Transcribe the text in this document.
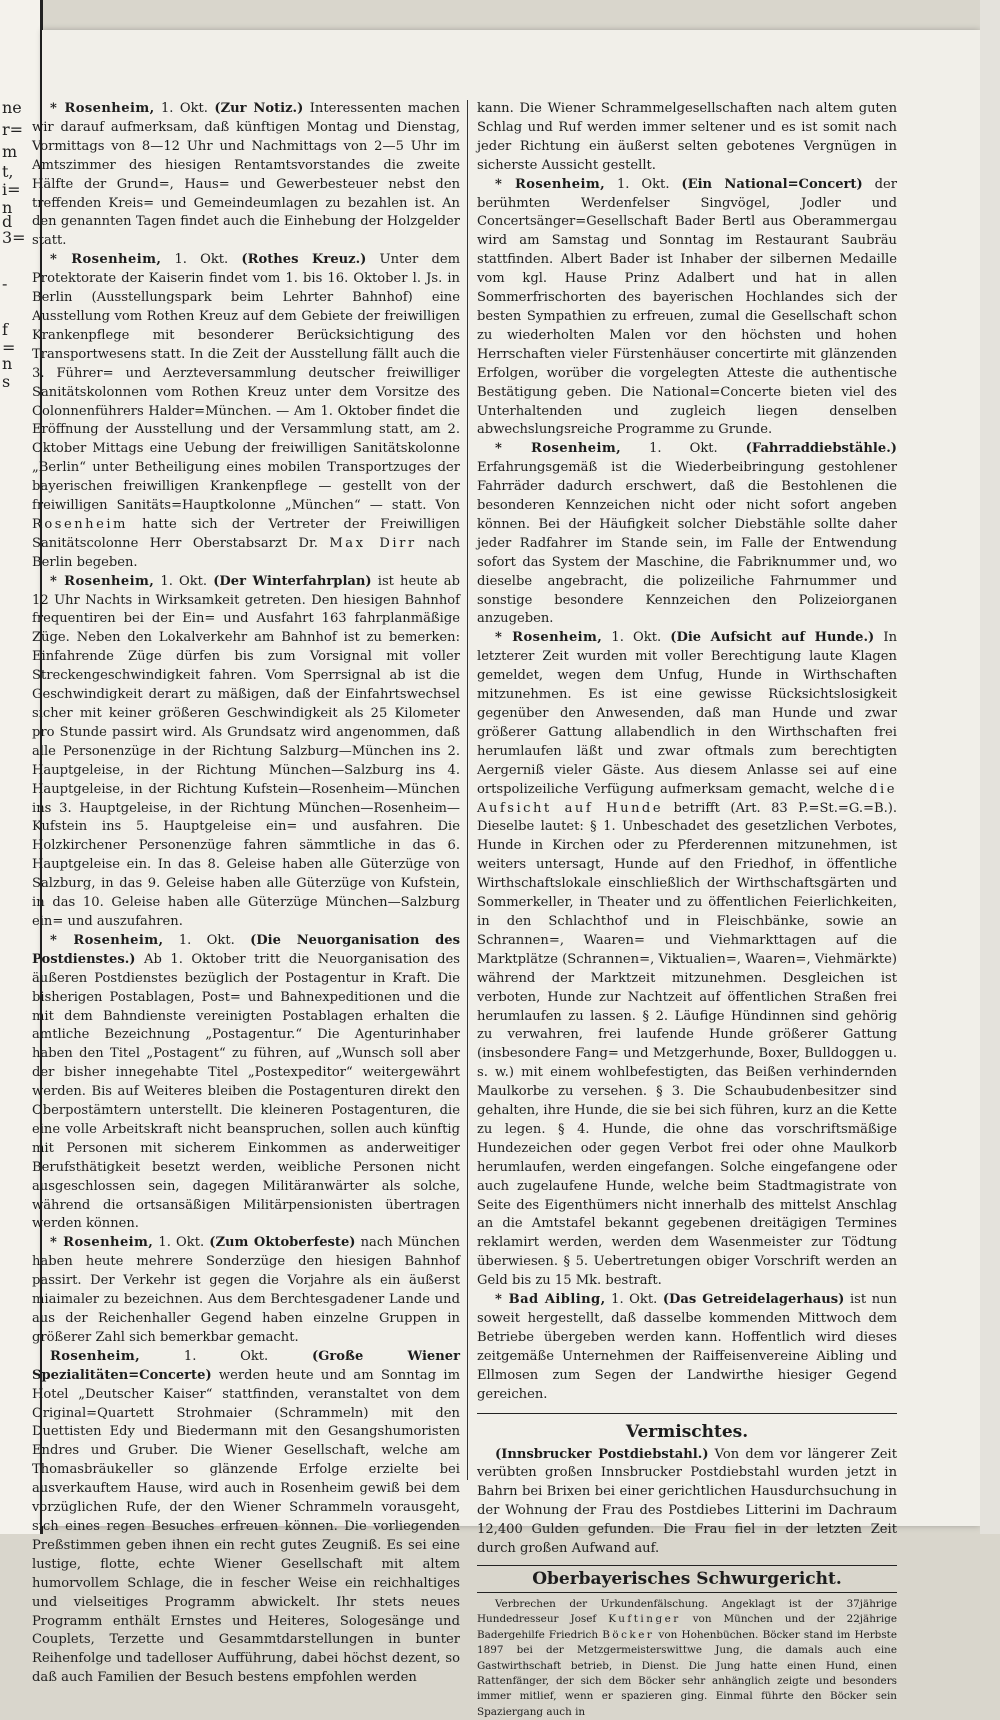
ne
r=
m
t,
i=
n
d
3=
-
f
=
n
s

* Rosenheim, 1. Okt. (Zur Notiz.) Interessenten machen wir darauf aufmerksam, daß künftigen Montag und Dienstag, Vormittags von 8—12 Uhr und Nachmittags von 2—5 Uhr im Amtszimmer des hiesigen Rentamtsvorstandes die zweite Hälfte der Grund=, Haus= und Gewerbesteuer nebst den treffenden Kreis= und Gemeindeumlagen zu bezahlen ist. An den genannten Tagen findet auch die Einhebung der Holzgelder statt.

* Rosenheim, 1. Okt. (Rothes Kreuz.) Unter dem Protektorate der Kaiserin findet vom 1. bis 16. Oktober l. Js. in Berlin (Ausstellungspark beim Lehrter Bahnhof) eine Ausstellung vom Rothen Kreuz auf dem Gebiete der freiwilligen Krankenpflege mit besonderer Berücksichtigung des Transportwesens statt. In die Zeit der Ausstellung fällt auch die 3. Führer= und Aerzteversammlung deutscher freiwilliger Sanitätskolonnen vom Rothen Kreuz unter dem Vorsitze des Colonnenführers Halder=München. — Am 1. Oktober findet die Eröffnung der Ausstellung und der Versammlung statt, am 2. Oktober Mittags eine Uebung der freiwilligen Sanitätskolonne „Berlin“ unter Betheiligung eines mobilen Transportzuges der bayerischen freiwilligen Krankenpflege — gestellt von der freiwilligen Sanitäts=Hauptkolonne „München“ — statt. Von Rosenheim hatte sich der Vertreter der Freiwilligen Sanitätscolonne Herr Oberstabsarzt Dr. Max Dirr nach Berlin begeben.

* Rosenheim, 1. Okt. (Der Winterfahrplan) ist heute ab 12 Uhr Nachts in Wirksamkeit getreten. Den hiesigen Bahnhof frequentiren bei der Ein= und Ausfahrt 163 fahrplanmäßige Züge. Neben den Lokalverkehr am Bahnhof ist zu bemerken: Einfahrende Züge dürfen bis zum Vorsignal mit voller Streckengeschwindigkeit fahren. Vom Sperrsignal ab ist die Geschwindigkeit derart zu mäßigen, daß der Einfahrtswechsel sicher mit keiner größeren Geschwindigkeit als 25 Kilometer pro Stunde passirt wird. Als Grundsatz wird angenommen, daß alle Personenzüge in der Richtung Salzburg—München ins 2. Hauptgeleise, in der Richtung München—Salzburg ins 4. Hauptgeleise, in der Richtung Kufstein—Rosenheim—München ins 3. Hauptgeleise, in der Richtung München—Rosenheim—Kufstein ins 5. Hauptgeleise ein= und ausfahren. Die Holzkirchener Personenzüge fahren sämmtliche in das 6. Hauptgeleise ein. In das 8. Geleise haben alle Güterzüge von Salzburg, in das 9. Geleise haben alle Güterzüge von Kufstein, in das 10. Geleise haben alle Güterzüge München—Salzburg ein= und auszufahren.

* Rosenheim, 1. Okt. (Die Neuorganisation des Postdienstes.) Ab 1. Oktober tritt die Neuorganisation des äußeren Postdienstes bezüglich der Postagentur in Kraft. Die bisherigen Postablagen, Post= und Bahnexpeditionen und die mit dem Bahndienste vereinigten Postablagen erhalten die amtliche Bezeichnung „Postagentur.“ Die Agenturinhaber haben den Titel „Postagent“ zu führen, auf „Wunsch soll aber der bisher innegehabte Titel „Postexpeditor“ weitergewährt werden. Bis auf Weiteres bleiben die Postagenturen direkt den Oberpostämtern unterstellt. Die kleineren Postagenturen, die eine volle Arbeitskraft nicht beanspruchen, sollen auch künftig mit Personen mit sicherem Einkommen as anderweitiger Berufsthätigkeit besetzt werden, weibliche Personen nicht ausgeschlossen sein, dagegen Militäranwärter als solche, während die ortsansäßigen Militärpensionisten übertragen werden können.

* Rosenheim, 1. Okt. (Zum Oktoberfeste) nach München haben heute mehrere Sonderzüge den hiesigen Bahnhof passirt. Der Verkehr ist gegen die Vorjahre als ein äußerst miaimaler zu bezeichnen. Aus dem Berchtesgadener Lande und aus der Reichenhaller Gegend haben einzelne Gruppen in größerer Zahl sich bemerkbar gemacht.

Rosenheim, 1. Okt. (Große Wiener Spezialitäten=Concerte) werden heute und am Sonntag im Hotel „Deutscher Kaiser“ stattfinden, veranstaltet von dem Original=Quartett Strohmaier (Schrammeln) mit den Duettisten Edy und Biedermann mit den Gesangshumoristen Endres und Gruber. Die Wiener Gesellschaft, welche am Thomasbräukeller so glänzende Erfolge erzielte bei ausverkauftem Hause, wird auch in Rosenheim gewiß bei dem vorzüglichen Rufe, der den Wiener Schrammeln vorausgeht, sich eines regen Besuches erfreuen können. Die vorliegenden Preßstimmen geben ihnen ein recht gutes Zeugniß. Es sei eine lustige, flotte, echte Wiener Gesellschaft mit altem humorvollem Schlage, die in fescher Weise ein reichhaltiges und vielseitiges Programm abwickelt. Ihr stets neues Programm enthält Ernstes und Heiteres, Sologesänge und Couplets, Terzette und Gesammtdarstellungen in bunter Reihenfolge und tadelloser Aufführung, dabei höchst dezent, so daß auch Familien der Besuch bestens empfohlen werden

kann. Die Wiener Schrammelgesellschaften nach altem guten Schlag und Ruf werden immer seltener und es ist somit nach jeder Richtung ein äußerst selten gebotenes Vergnügen in sicherste Aussicht gestellt.

* Rosenheim, 1. Okt. (Ein National=Concert) der berühmten Werdenfelser Singvögel, Jodler und Concertsänger=Gesellschaft Bader Bertl aus Oberammergau wird am Samstag und Sonntag im Restaurant Saubräu stattfinden. Albert Bader ist Inhaber der silbernen Medaille vom kgl. Hause Prinz Adalbert und hat in allen Sommerfrischorten des bayerischen Hochlandes sich der besten Sympathien zu erfreuen, zumal die Gesellschaft schon zu wiederholten Malen vor den höchsten und hohen Herrschaften vieler Fürstenhäuser concertirte mit glänzenden Erfolgen, worüber die vorgelegten Atteste die authentische Bestätigung geben. Die National=Concerte bieten viel des Unterhaltenden und zugleich liegen denselben abwechslungsreiche Programme zu Grunde.

* Rosenheim, 1. Okt. (Fahrraddiebstähle.) Erfahrungsgemäß ist die Wiederbeibringung gestohlener Fahrräder dadurch erschwert, daß die Bestohlenen die besonderen Kennzeichen nicht oder nicht sofort angeben können. Bei der Häufigkeit solcher Diebstähle sollte daher jeder Radfahrer im Stande sein, im Falle der Entwendung sofort das System der Maschine, die Fabriknummer und, wo dieselbe angebracht, die polizeiliche Fahrnummer und sonstige besondere Kennzeichen den Polizeiorganen anzugeben.

* Rosenheim, 1. Okt. (Die Aufsicht auf Hunde.) In letzterer Zeit wurden mit voller Berechtigung laute Klagen gemeldet, wegen dem Unfug, Hunde in Wirthschaften mitzunehmen. Es ist eine gewisse Rücksichtslosigkeit gegenüber den Anwesenden, daß man Hunde und zwar größerer Gattung allabendlich in den Wirthschaften frei herumlaufen läßt und zwar oftmals zum berechtigten Aergerniß vieler Gäste. Aus diesem Anlasse sei auf eine ortspolizeiliche Verfügung aufmerksam gemacht, welche die Aufsicht auf Hunde betrifft (Art. 83 P.=St.=G.=B.). Dieselbe lautet: § 1. Unbeschadet des gesetzlichen Verbotes, Hunde in Kirchen oder zu Pferderennen mitzunehmen, ist weiters untersagt, Hunde auf den Friedhof, in öffentliche Wirthschaftslokale einschließlich der Wirthschaftsgärten und Sommerkeller, in Theater und zu öffentlichen Feierlichkeiten, in den Schlachthof und in Fleischbänke, sowie an Schrannen=, Waaren= und Viehmarkttagen auf die Marktplätze (Schrannen=, Viktualien=, Waaren=, Viehmärkte) während der Marktzeit mitzunehmen. Desgleichen ist verboten, Hunde zur Nachtzeit auf öffentlichen Straßen frei herumlaufen zu lassen. § 2. Läufige Hündinnen sind gehörig zu verwahren, frei laufende Hunde größerer Gattung (insbesondere Fang= und Metzgerhunde, Boxer, Bulldoggen u. s. w.) mit einem wohlbefestigten, das Beißen verhindernden Maulkorbe zu versehen. § 3. Die Schaubudenbesitzer sind gehalten, ihre Hunde, die sie bei sich führen, kurz an die Kette zu legen. § 4. Hunde, die ohne das vorschriftsmäßige Hundezeichen oder gegen Verbot frei oder ohne Maulkorb herumlaufen, werden eingefangen. Solche eingefangene oder auch zugelaufene Hunde, welche beim Stadtmagistrate von Seite des Eigenthümers nicht innerhalb des mittelst Anschlag an die Amtstafel bekannt gegebenen dreitägigen Termines reklamirt werden, werden dem Wasenmeister zur Tödtung überwiesen. § 5. Uebertretungen obiger Vorschrift werden an Geld bis zu 15 Mk. bestraft.

* Bad Aibling, 1. Okt. (Das Getreidelagerhaus) ist nun soweit hergestellt, daß dasselbe kommenden Mittwoch dem Betriebe übergeben werden kann. Hoffentlich wird dieses zeitgemäße Unternehmen der Raiffeisenvereine Aibling und Ellmosen zum Segen der Landwirthe hiesiger Gegend gereichen.

Vermischtes.

(Innsbrucker Postdiebstahl.) Von dem vor längerer Zeit verübten großen Innsbrucker Postdiebstahl wurden jetzt in Bahrn bei Brixen bei einer gerichtlichen Hausdurchsuchung in der Wohnung der Frau des Postdiebes Litterini im Dachraum 12,400 Gulden gefunden. Die Frau fiel in der letzten Zeit durch großen Aufwand auf.

Oberbayerisches Schwurgericht.

Verbrechen der Urkundenfälschung. Angeklagt ist der 37jährige Hundedresseur Josef Kuftinger von München und der 22jährige Badergehilfe Friedrich Böcker von Hohenbüchen. Böcker stand im Herbste 1897 bei der Metzgermeisterswittwe Jung, die damals auch eine Gastwirthschaft betrieb, in Dienst. Die Jung hatte einen Hund, einen Rattenfänger, der sich dem Böcker sehr anhänglich zeigte und besonders immer mitlief, wenn er spazieren ging. Einmal führte den Böcker sein Spaziergang auch in
